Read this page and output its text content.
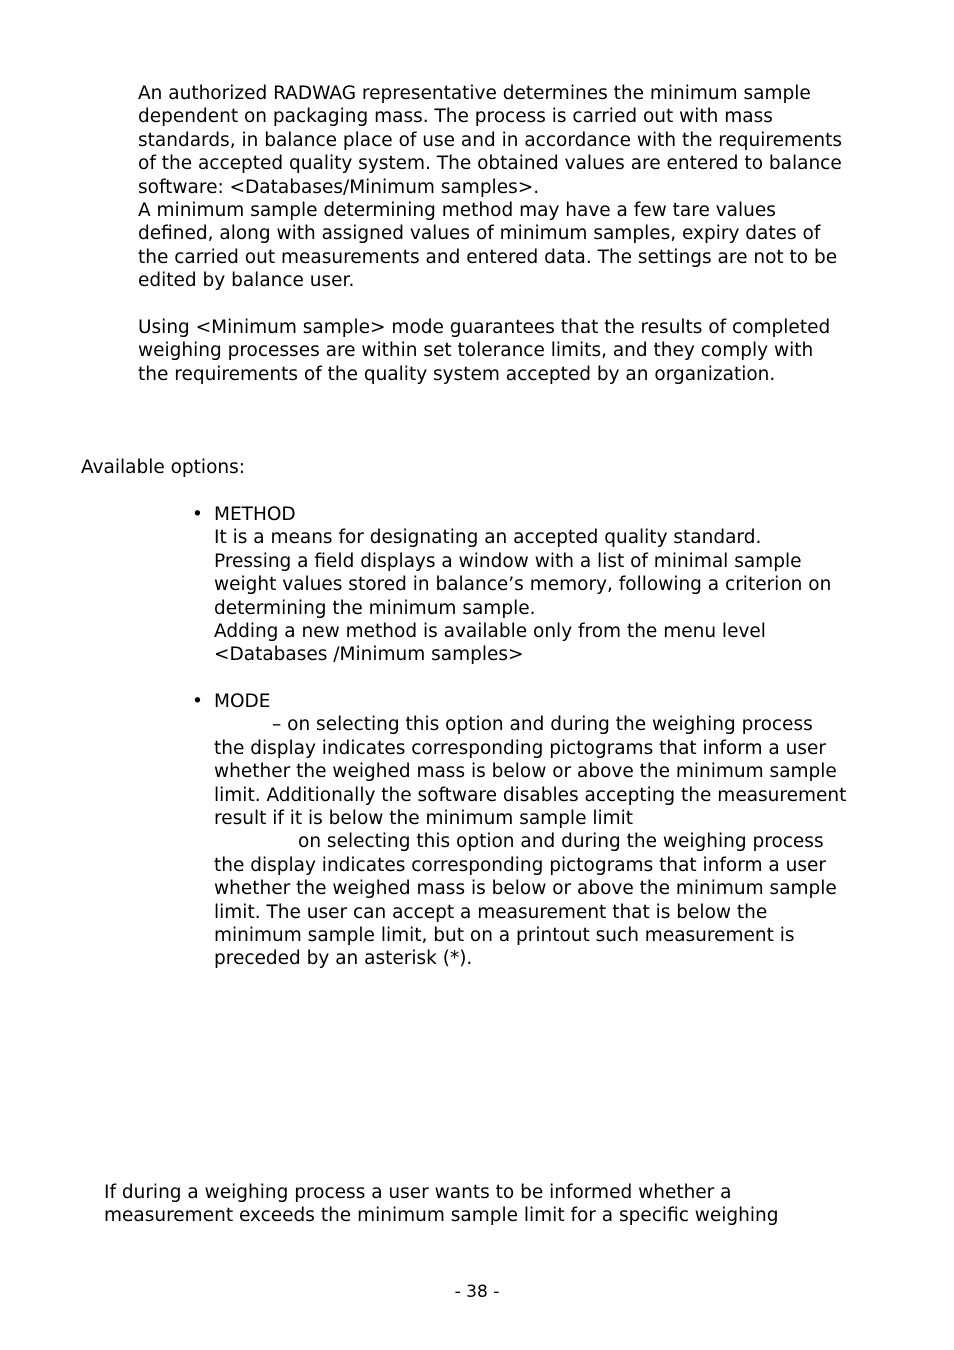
An authorized RADWAG representative determines the minimum sample
dependent on packaging mass. The process is carried out with mass
standards, in balance place of use and in accordance with the requirements
of the accepted quality system. The obtained values are entered to balance
software: <Databases/Minimum samples>.
A minimum sample determining method may have a few tare values
defined, along with assigned values of minimum samples, expiry dates of
the carried out measurements and entered data. The settings are not to be
edited by balance user.
Using <Minimum sample> mode guarantees that the results of completed
weighing processes are within set tolerance limits, and they comply with
the requirements of the quality system accepted by an organization.
Available options:
• METHOD
It is a means for designating an accepted quality standard.
Pressing a field displays a window with a list of minimal sample
weight values stored in balance’s memory, following a criterion on
determining the minimum sample.
Adding a new method is available only from the menu level
<Databases /Minimum samples>
• MODE
– on selecting this option and during the weighing process
the display indicates corresponding pictograms that inform a user
whether the weighed mass is below or above the minimum sample
limit. Additionally the software disables accepting the measurement
result if it is below the minimum sample limit
on selecting this option and during the weighing process
the display indicates corresponding pictograms that inform a user
whether the weighed mass is below or above the minimum sample
limit. The user can accept a measurement that is below the
minimum sample limit, but on a printout such measurement is
preceded by an asterisk (*).
If during a weighing process a user wants to be informed whether a
measurement exceeds the minimum sample limit for a specific weighing
- 38 -
